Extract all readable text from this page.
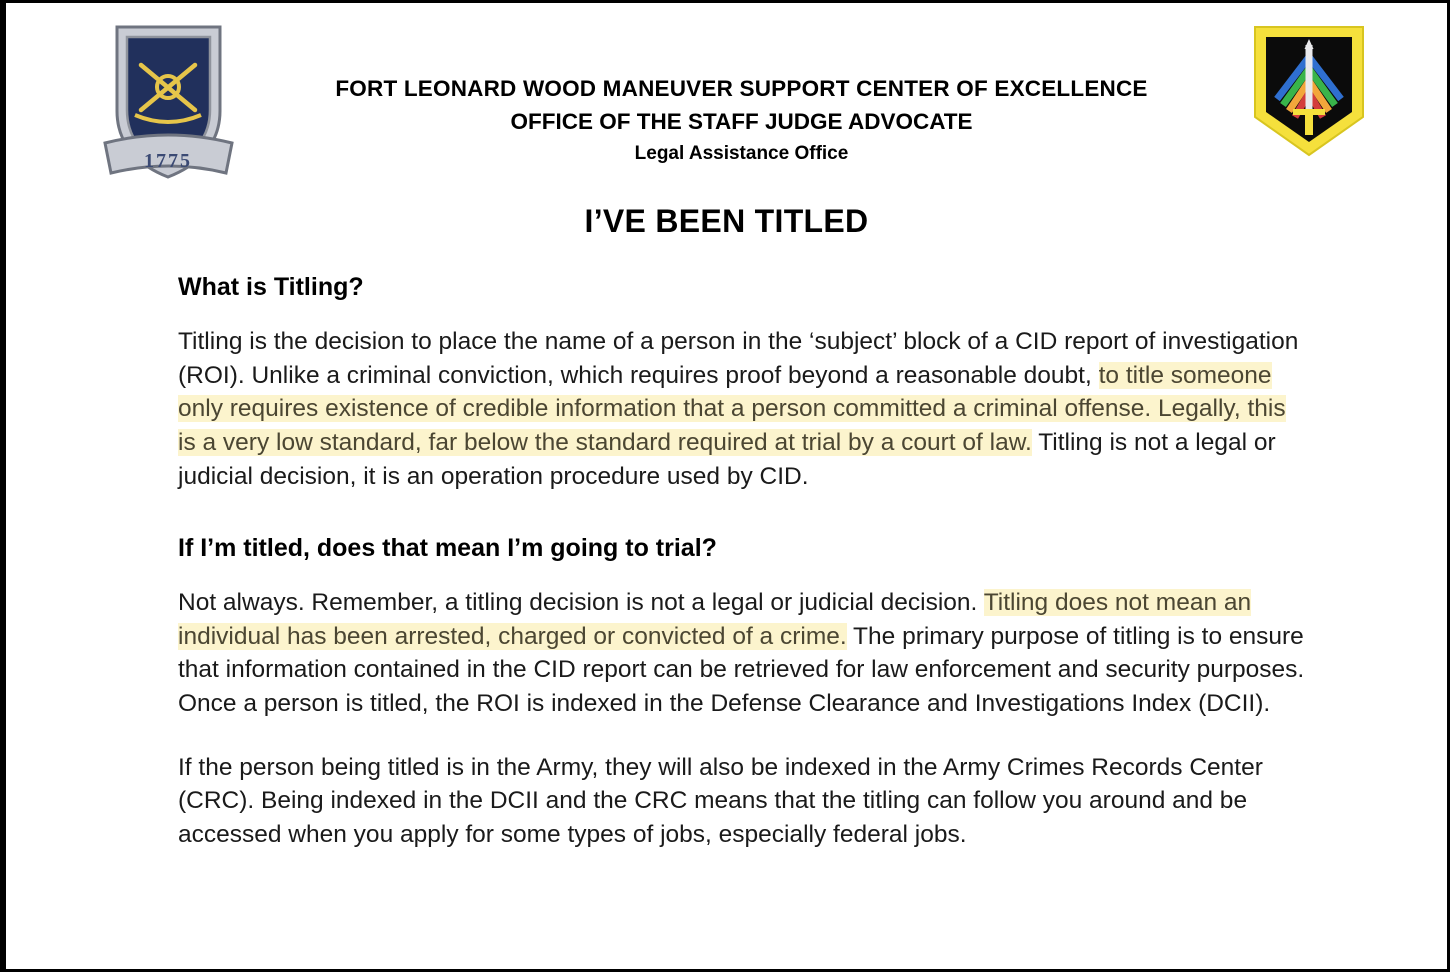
1775
FORT LEONARD WOOD MANEUVER SUPPORT CENTER OF EXCELLENCE
OFFICE OF THE STAFF JUDGE ADVOCATE
Legal Assistance Office
I’VE BEEN TITLED
What is Titling?

Titling is the decision to place the name of a person in the ‘subject’ block of a CID report of investigation (ROI). Unlike a criminal conviction, which requires proof beyond a reasonable doubt, to title someone only requires existence of credible information that a person committed a criminal offense. Legally, this is a very low standard, far below the standard required at trial by a court of law. Titling is not a legal or judicial decision, it is an operation procedure used by CID.

If I’m titled, does that mean I’m going to trial?

Not always. Remember, a titling decision is not a legal or judicial decision. Titling does not mean an individual has been arrested, charged or convicted of a crime. The primary purpose of titling is to ensure that information contained in the CID report can be retrieved for law enforcement and security purposes. Once a person is titled, the ROI is indexed in the Defense Clearance and Investigations Index (DCII).

If the person being titled is in the Army, they will also be indexed in the Army Crimes Records Center (CRC). Being indexed in the DCII and the CRC means that the titling can follow you around and be accessed when you apply for some types of jobs, especially federal jobs.
